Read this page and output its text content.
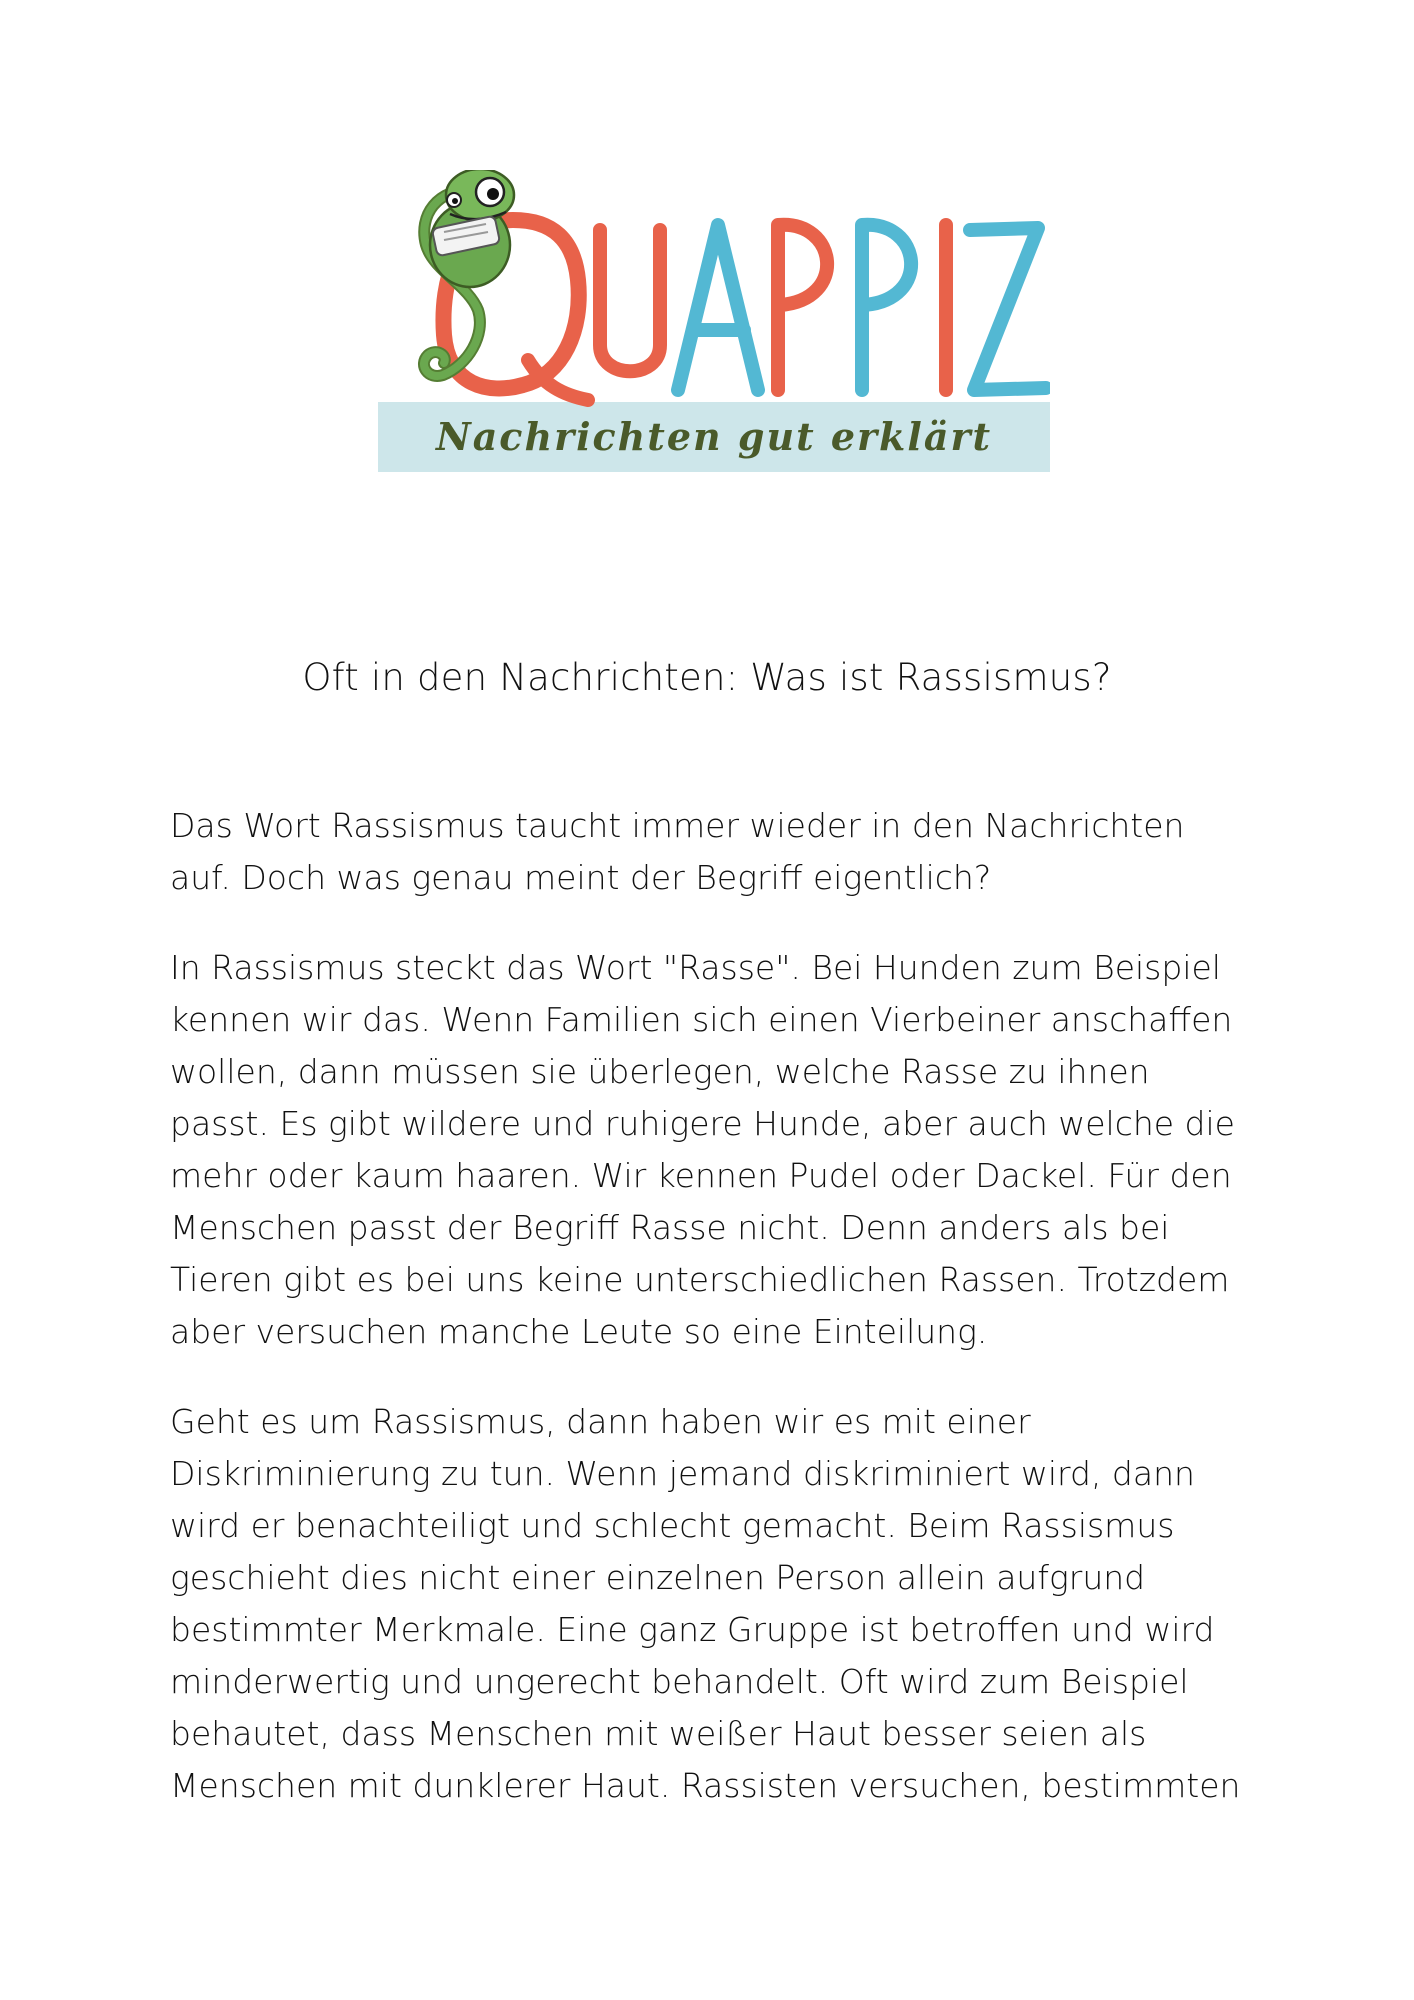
Nachrichten gut erklärt
Oft in den Nachrichten: Was ist Rassismus?

Das Wort Rassismus taucht immer wieder in den Nachrichten
auf. Doch was genau meint der Begriff eigentlich?

In Rassismus steckt das Wort "Rasse". Bei Hunden zum Beispiel
kennen wir das. Wenn Familien sich einen Vierbeiner anschaffen
wollen, dann müssen sie überlegen, welche Rasse zu ihnen
passt. Es gibt wildere und ruhigere Hunde, aber auch welche die
mehr oder kaum haaren. Wir kennen Pudel oder Dackel. Für den
Menschen passt der Begriff Rasse nicht. Denn anders als bei
Tieren gibt es bei uns keine unterschiedlichen Rassen. Trotzdem
aber versuchen manche Leute so eine Einteilung.

Geht es um Rassismus, dann haben wir es mit einer
Diskriminierung zu tun. Wenn jemand diskriminiert wird, dann
wird er benachteiligt und schlecht gemacht. Beim Rassismus
geschieht dies nicht einer einzelnen Person allein aufgrund
bestimmter Merkmale. Eine ganz Gruppe ist betroffen und wird
minderwertig und ungerecht behandelt. Oft wird zum Beispiel
behautet, dass Menschen mit weißer Haut besser seien als
Menschen mit dunklerer Haut. Rassisten versuchen, bestimmten
